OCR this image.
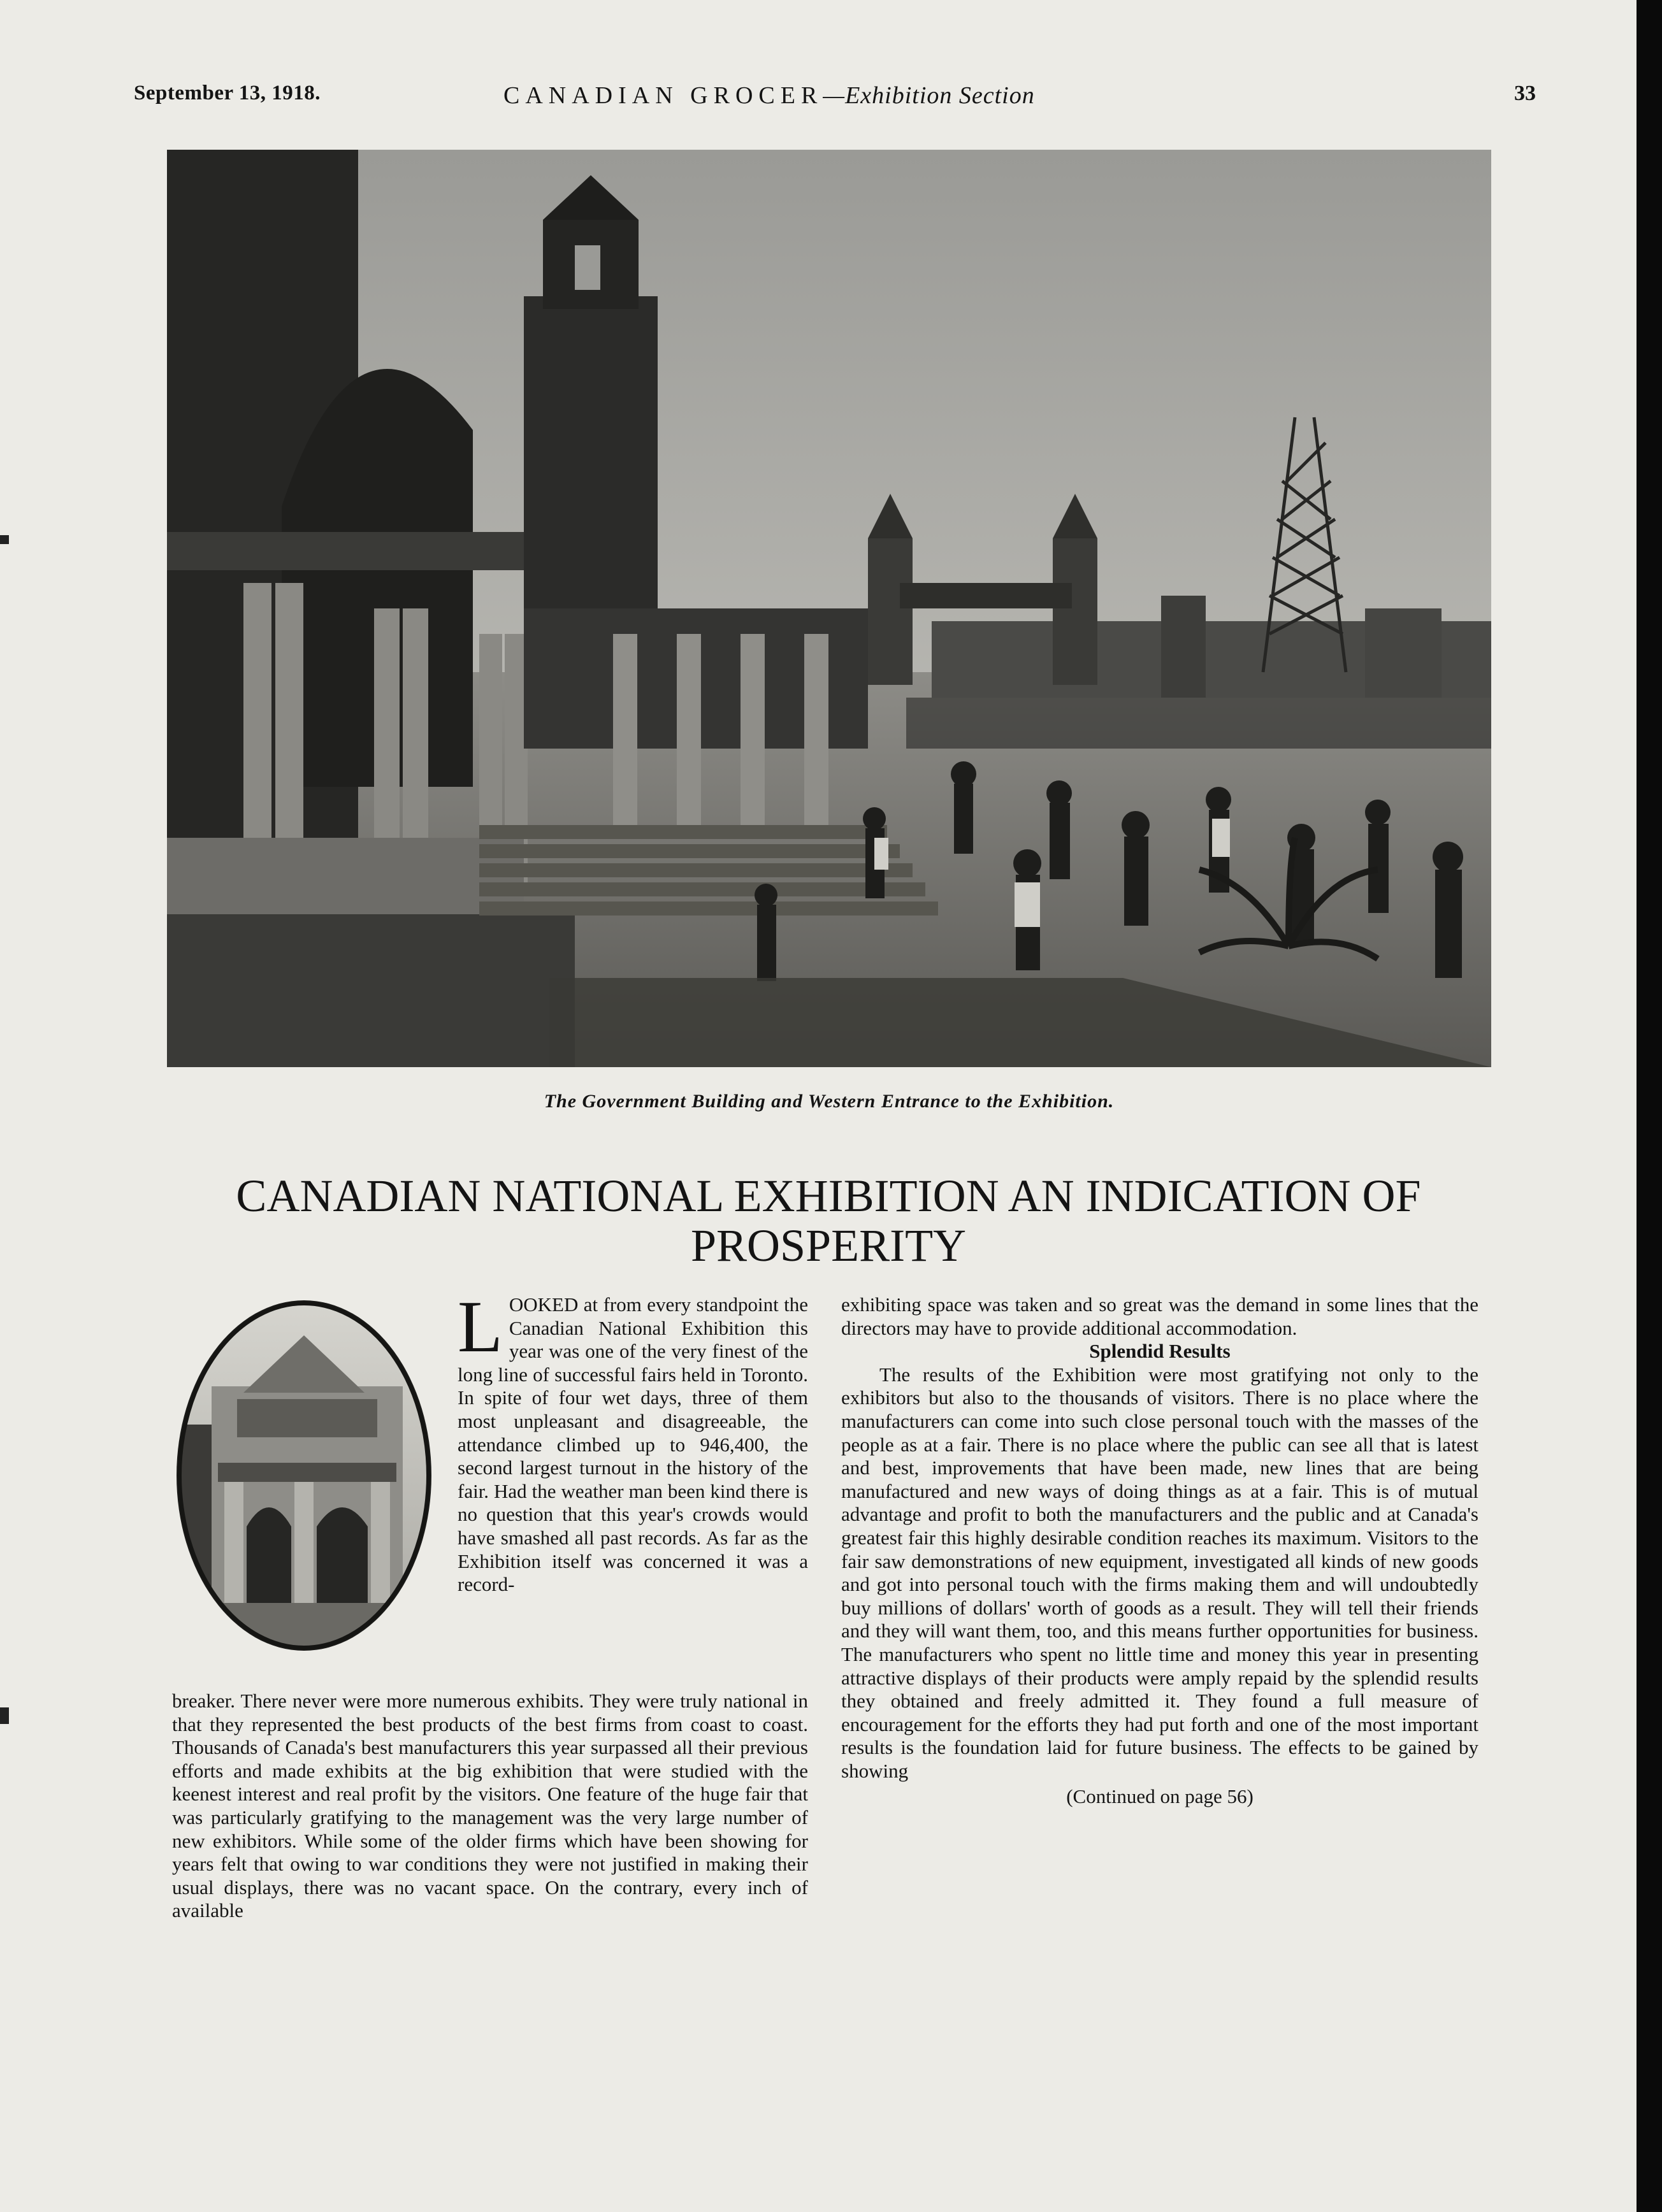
September 13, 1918.	CANADIAN GROCER—Exhibition Section	33
The Government Building and Western Entrance to the Exhibition.
CANADIAN NATIONAL EXHIBITION AN INDICATION OF
PROSPERITY

LOOKED at from every standpoint the Canadian National Exhibition this year was one of the very finest of the long line of successful fairs held in Toronto. In spite of four wet days, three of them most unpleasant and disagreeable, the attendance climbed up to 946,400, the second largest turnout in the history of the fair. Had the weather man been kind there is no question that this year's crowds would have smashed all past records. As far as the Exhibition itself was concerned it was a record-

breaker. There never were more numerous exhibits. They were truly national in that they represented the best products of the best firms from coast to coast. Thousands of Canada's best manufacturers this year surpassed all their previous efforts and made exhibits at the big exhibition that were studied with the keenest interest and real profit by the visitors. One feature of the huge fair that was particularly gratifying to the management was the very large number of new exhibitors. While some of the older firms which have been showing for years felt that owing to war conditions they were not justified in making their usual displays, there was no vacant space. On the contrary, every inch of available

exhibiting space was taken and so great was the demand in some lines that the directors may have to provide additional accommodation.

Splendid Results

The results of the Exhibition were most gratifying not only to the exhibitors but also to the thousands of visitors. There is no place where the manufacturers can come into such close personal touch with the masses of the people as at a fair. There is no place where the public can see all that is latest and best, improvements that have been made, new lines that are being manufactured and new ways of doing things as at a fair. This is of mutual advantage and profit to both the manufacturers and the public and at Canada's greatest fair this highly desirable condition reaches its maximum. Visitors to the fair saw demonstrations of new equipment, investigated all kinds of new goods and got into personal touch with the firms making them and will undoubtedly buy millions of dollars' worth of goods as a result. They will tell their friends and they will want them, too, and this means further opportunities for business. The manufacturers who spent no little time and money this year in presenting attractive displays of their products were amply repaid by the splendid results they obtained and freely admitted it. They found a full measure of encouragement for the efforts they had put forth and one of the most important results is the foundation laid for future business. The effects to be gained by showing

(Continued on page 56)
